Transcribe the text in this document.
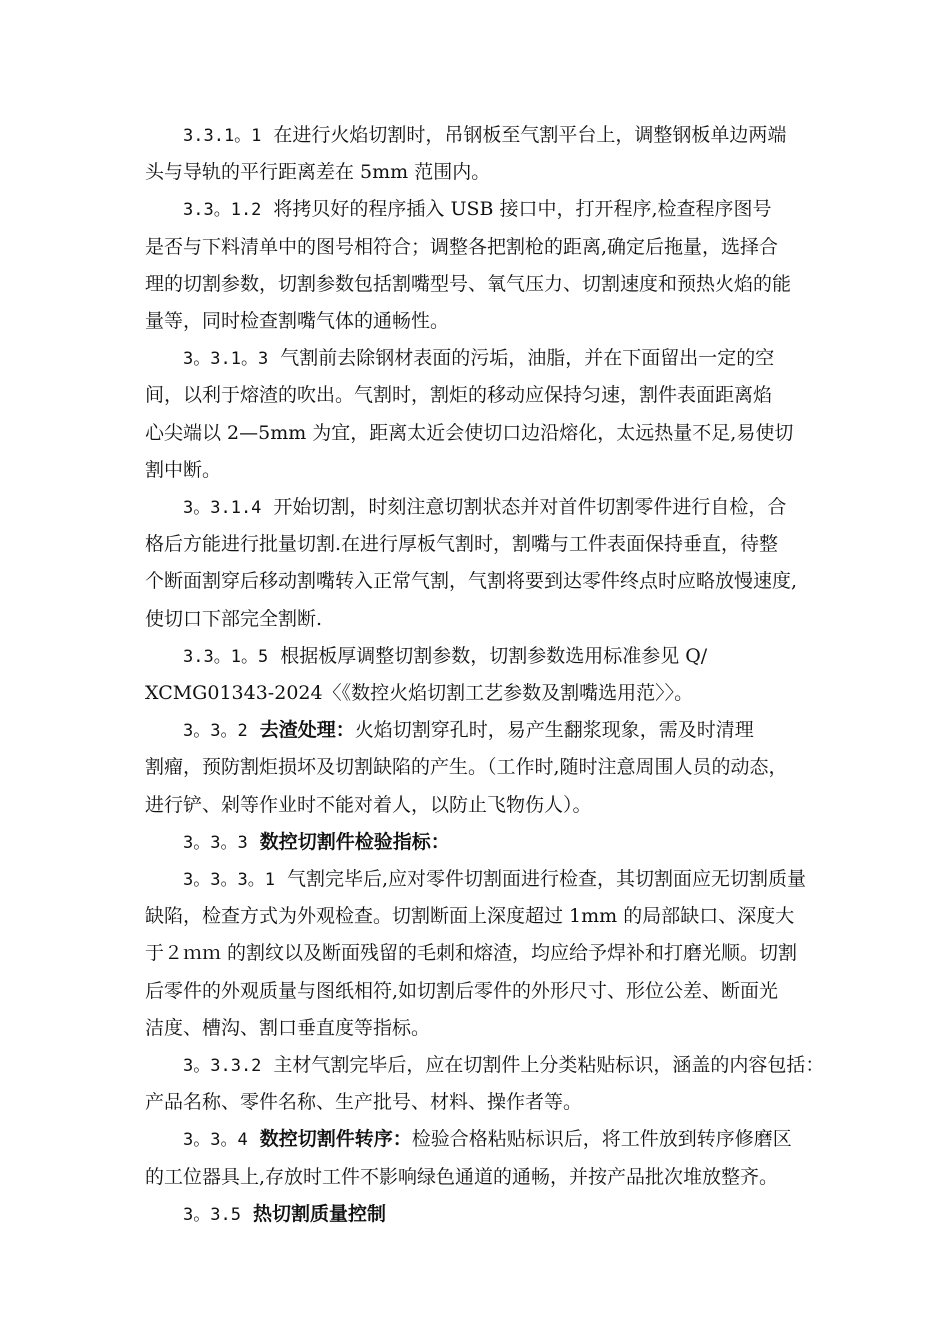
3.3.1。1 在进行火焰切割时，吊钢板至气割平台上，调整钢板单边两端
头与导轨的平行距离差在 5mm 范围内。
3.3。1.2 将拷贝好的程序插入 USB 接口中，打开程序,检查程序图号
是否与下料清单中的图号相符合；调整各把割枪的距离,确定后拖量，选择合
理的切割参数，切割参数包括割嘴型号、氧气压力、切割速度和预热火焰的能
量等，同时检查割嘴气体的通畅性。
3。3.1。3 气割前去除钢材表面的污垢，油脂，并在下面留出一定的空
间，以利于熔渣的吹出。气割时，割炬的移动应保持匀速，割件表面距离焰
心尖端以 2—5mm 为宜，距离太近会使切口边沿熔化，太远热量不足,易使切
割中断。
3。3.1.4 开始切割，时刻注意切割状态并对首件切割零件进行自检，合
格后方能进行批量切割.在进行厚板气割时，割嘴与工件表面保持垂直，待整
个断面割穿后移动割嘴转入正常气割，气割将要到达零件终点时应略放慢速度,
使切口下部完全割断.
3.3。1。5 根据板厚调整切割参数，切割参数选用标准参见 Q/
XCMG01343-2024〈《数控火焰切割工艺参数及割嘴选用范〉〉。
3。3。2 去渣处理：火焰切割穿孔时，易产生翻浆现象，需及时清理
割瘤，预防割炬损坏及切割缺陷的产生。（工作时,随时注意周围人员的动态，
进行铲、剁等作业时不能对着人，以防止飞物伤人）。
3。3。3 数控切割件检验指标：
3。3。3。1 气割完毕后,应对零件切割面进行检查，其切割面应无切割质量
缺陷，检查方式为外观检查。切割断面上深度超过 1mm 的局部缺口、深度大
于２ｍｍ 的割纹以及断面残留的毛刺和熔渣，均应给予焊补和打磨光顺。切割
后零件的外观质量与图纸相符,如切割后零件的外形尺寸、形位公差、断面光
洁度、槽沟、割口垂直度等指标。
3。3.3.2 主材气割完毕后，应在切割件上分类粘贴标识，涵盖的内容包括：
产品名称、零件名称、生产批号、材料、操作者等。
3。3。4 数控切割件转序：检验合格粘贴标识后，将工件放到转序修磨区
的工位器具上,存放时工件不影响绿色通道的通畅，并按产品批次堆放整齐。
3。3.5 热切割质量控制
